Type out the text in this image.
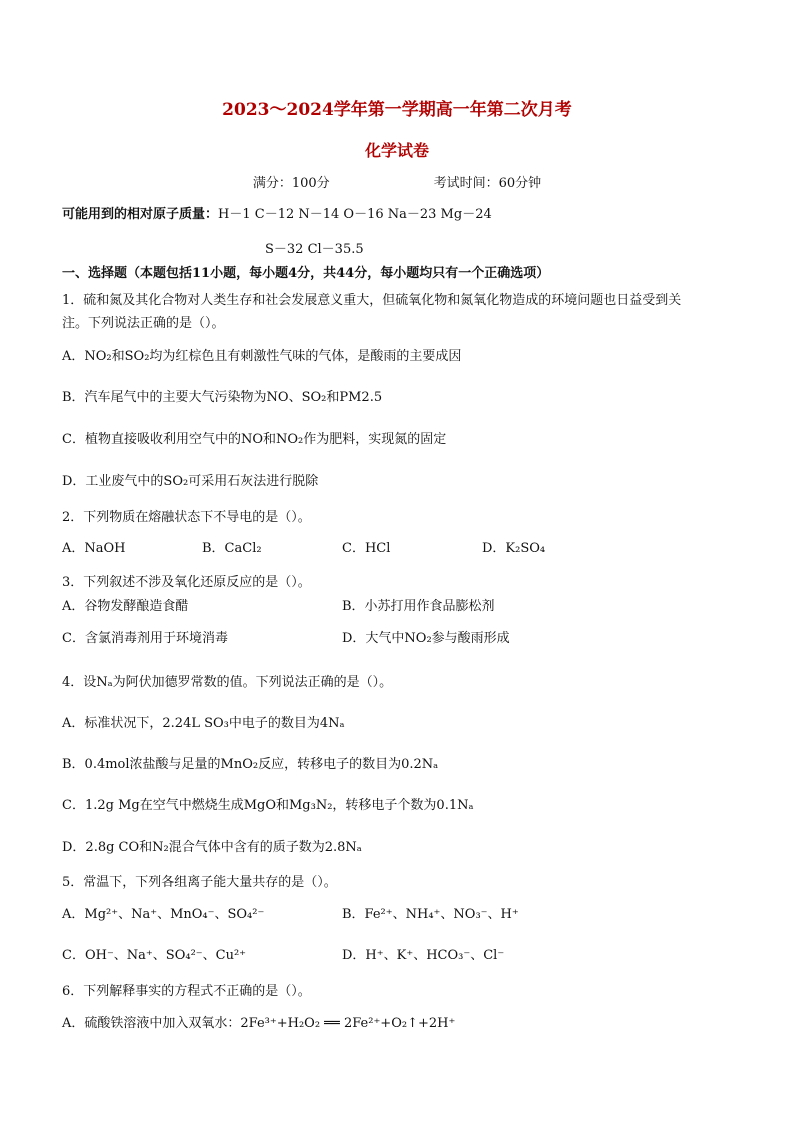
2023～2024学年第一学期高一年第二次月考
化学试卷
满分：100分	考试时间：60分钟
可能用到的相对原子质量：H－1 C－12 N－14 O－16 Na－23 Mg－24
S－32 Cl－35.5
一、选择题（本题包括11小题，每小题4分，共44分，每小题均只有一个正确选项）
1．硫和氮及其化合物对人类生存和社会发展意义重大，但硫氧化物和氮氧化物造成的环境问题也日益受到关
注。下列说法正确的是（）。
A．NO₂和SO₂均为红棕色且有刺激性气味的气体，是酸雨的主要成因
B．汽车尾气中的主要大气污染物为NO、SO₂和PM2.5
C．植物直接吸收利用空气中的NO和NO₂作为肥料，实现氮的固定
D．工业废气中的SO₂可采用石灰法进行脱除
2．下列物质在熔融状态下不导电的是（）。
A．NaOH	B．CaCl₂	C．HCl	D．K₂SO₄
3．下列叙述不涉及氧化还原反应的是（）。
A．谷物发酵酿造食醋	B．小苏打用作食品膨松剂
C．含氯消毒剂用于环境消毒	D．大气中NO₂参与酸雨形成
4．设Nₐ为阿伏加德罗常数的值。下列说法正确的是（）。
A．标准状况下，2.24L SO₃中电子的数目为4Nₐ
B．0.4mol浓盐酸与足量的MnO₂反应，转移电子的数目为0.2Nₐ
C．1.2g Mg在空气中燃烧生成MgO和Mg₃N₂，转移电子个数为0.1Nₐ
D．2.8g CO和N₂混合气体中含有的质子数为2.8Nₐ
5．常温下，下列各组离子能大量共存的是（）。
A．Mg²⁺、Na⁺、MnO₄⁻、SO₄²⁻	B．Fe²⁺、NH₄⁺、NO₃⁻、H⁺
C．OH⁻、Na⁺、SO₄²⁻、Cu²⁺	D．H⁺、K⁺、HCO₃⁻、Cl⁻
6．下列解释事实的方程式不正确的是（）。
A．硫酸铁溶液中加入双氧水：2Fe³⁺+H₂O₂ ══ 2Fe²⁺+O₂↑+2H⁺
